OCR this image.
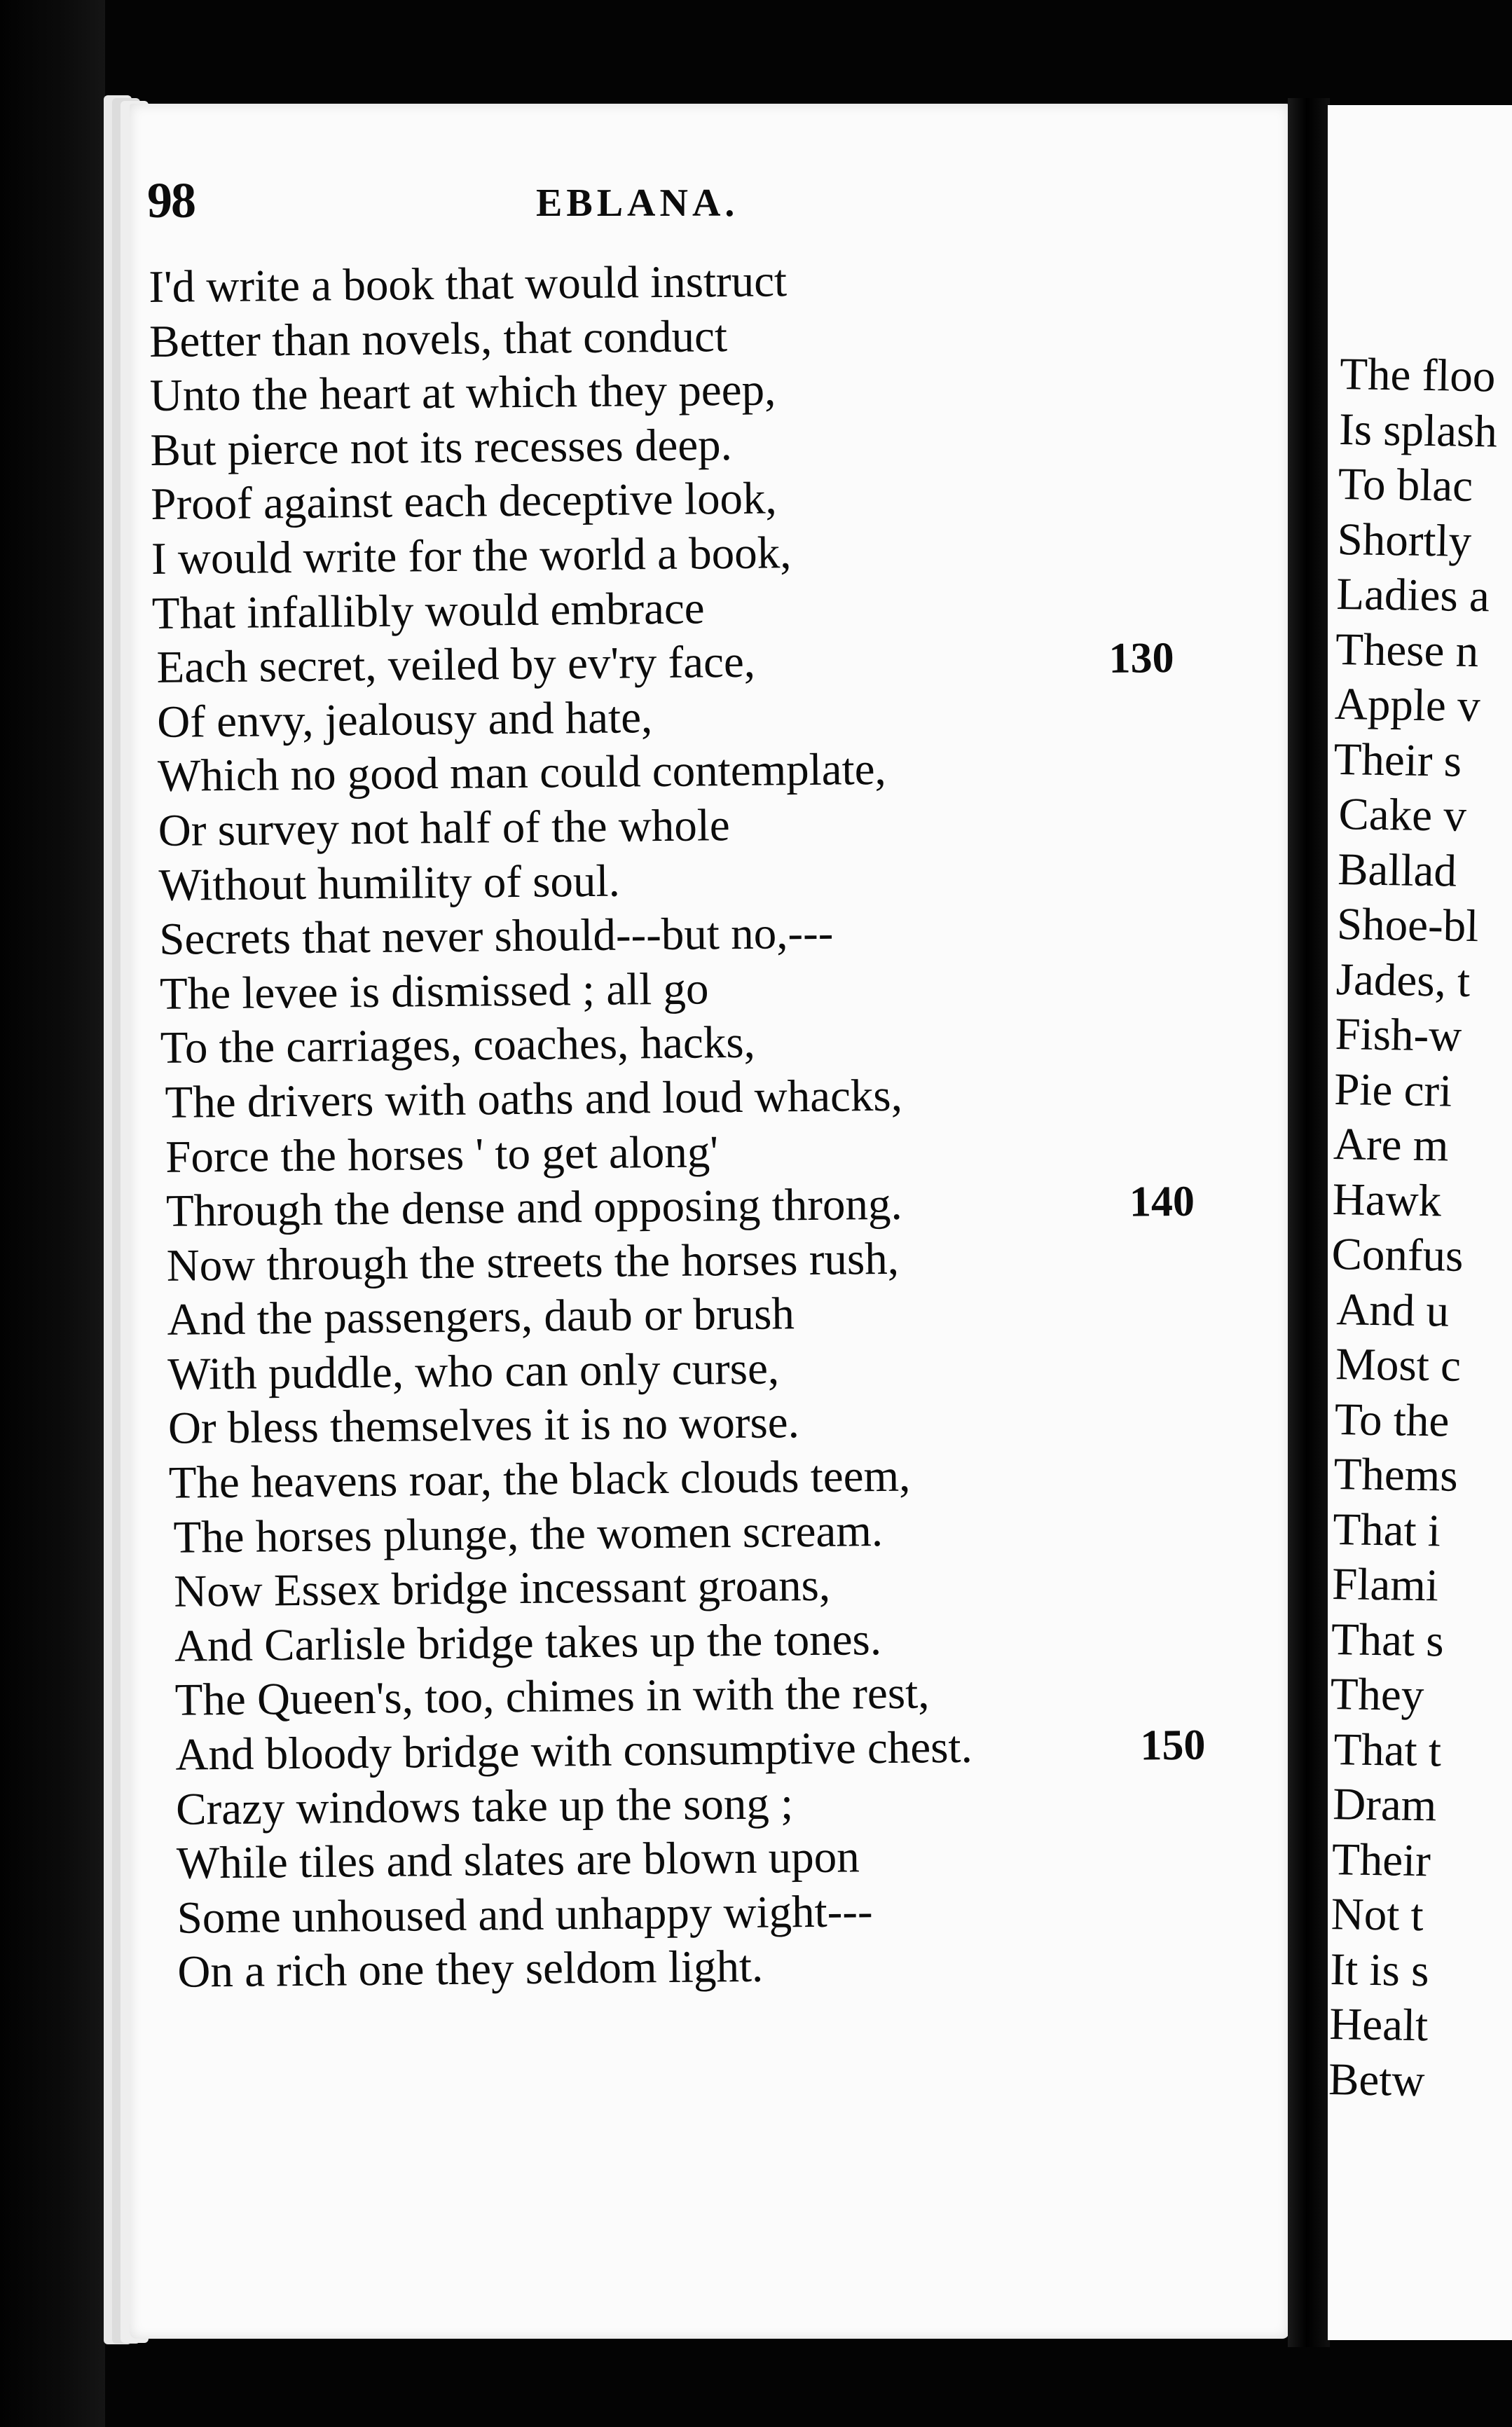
The floo
Is splash
To blac
Shortly
Ladies a
These n
Apple v
Their s
Cake v
Ballad
Shoe-bl
Jades, t
Fish-w
Pie cri
Are m
Hawk
Confus
And u
Most c
To the
Thems
That i
Flami
That s
They
That t
Dram
Their
Not t
It is s
Healt
Betw
98	EBLANA.
I'd write a book that would instruct
Better than novels, that conduct
Unto the heart at which they peep,
But pierce not its recesses deep.
Proof against each deceptive look,
I would write for the world a book,
That infallibly would embrace
Each secret, veiled by ev'ry face,	130
Of envy, jealousy and hate,
Which no good man could contemplate,
Or survey not half of the whole
Without humility of soul.
Secrets that never should---but no,---
The levee is dismissed ; all go
To the carriages, coaches, hacks,
The drivers with oaths and loud whacks,
Force the horses ' to get along'
Through the dense and opposing throng.	140
Now through the streets the horses rush,
And the passengers, daub or brush
With puddle, who can only curse,
Or bless themselves it is no worse.
The heavens roar, the black clouds teem,
The horses plunge, the women scream.
Now Essex bridge incessant groans,
And Carlisle bridge takes up the tones.
The Queen's, too, chimes in with the rest,
And bloody bridge with consumptive chest.	150
Crazy windows take up the song ;
While tiles and slates are blown upon
Some unhoused and unhappy wight---
On a rich one they seldom light.
